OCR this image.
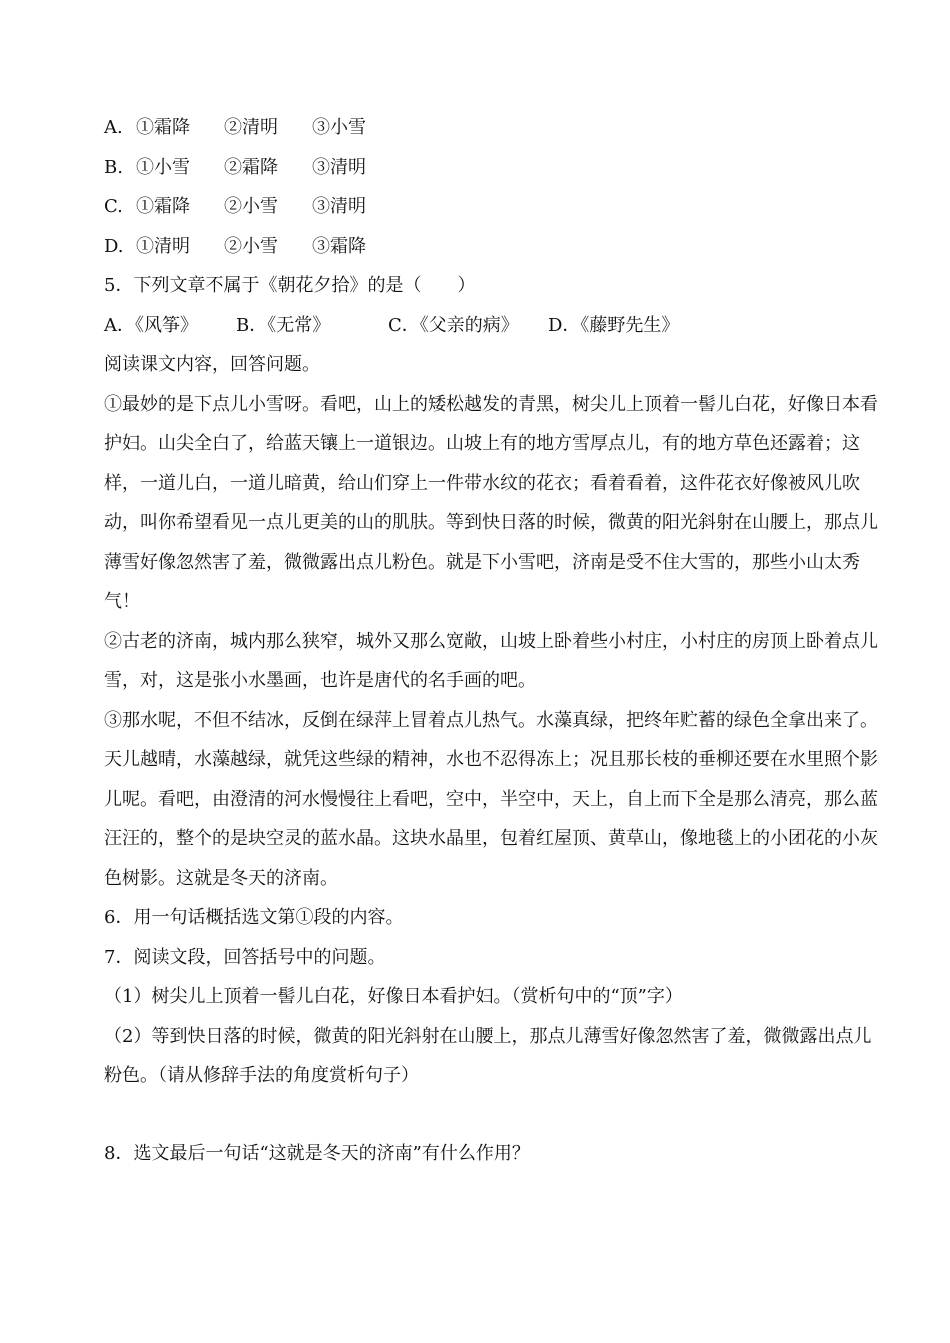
A. ①霜降	②清明	③小雪
B. ①小雪	②霜降	③清明
C. ①霜降	②小雪	③清明
D. ①清明	②小雪	③霜降
5．下列文章不属于《朝花夕拾》的是（　　）
A．《风筝》	B．《无常》	C．《父亲的病》	D．《藤野先生》
阅读课文内容，回答问题。
①最妙的是下点儿小雪呀。看吧，山上的矮松越发的青黑，树尖儿上顶着一髻儿白花，好像日本看
护妇。山尖全白了，给蓝天镶上一道银边。山坡上有的地方雪厚点儿，有的地方草色还露着；这
样，一道儿白，一道儿暗黄，给山们穿上一件带水纹的花衣；看着看着，这件花衣好像被风儿吹
动，叫你希望看见一点儿更美的山的肌肤。等到快日落的时候，微黄的阳光斜射在山腰上，那点儿
薄雪好像忽然害了羞，微微露出点儿粉色。就是下小雪吧，济南是受不住大雪的，那些小山太秀
气！
②古老的济南，城内那么狭窄，城外又那么宽敞，山坡上卧着些小村庄，小村庄的房顶上卧着点儿
雪，对，这是张小水墨画，也许是唐代的名手画的吧。
③那水呢，不但不结冰，反倒在绿萍上冒着点儿热气。水藻真绿，把终年贮蓄的绿色全拿出来了。
天儿越晴，水藻越绿，就凭这些绿的精神，水也不忍得冻上；况且那长枝的垂柳还要在水里照个影
儿呢。看吧，由澄清的河水慢慢往上看吧，空中，半空中，天上，自上而下全是那么清亮，那么蓝
汪汪的，整个的是块空灵的蓝水晶。这块水晶里，包着红屋顶、黄草山，像地毯上的小团花的小灰
色树影。这就是冬天的济南。
6．用一句话概括选文第①段的内容。
7．阅读文段，回答括号中的问题。
（1）树尖儿上顶着一髻儿白花，好像日本看护妇。（赏析句中的“顶”字）
（2）等到快日落的时候，微黄的阳光斜射在山腰上，那点儿薄雪好像忽然害了羞，微微露出点儿
粉色。（请从修辞手法的角度赏析句子）
8．选文最后一句话“这就是冬天的济南”有什么作用？
